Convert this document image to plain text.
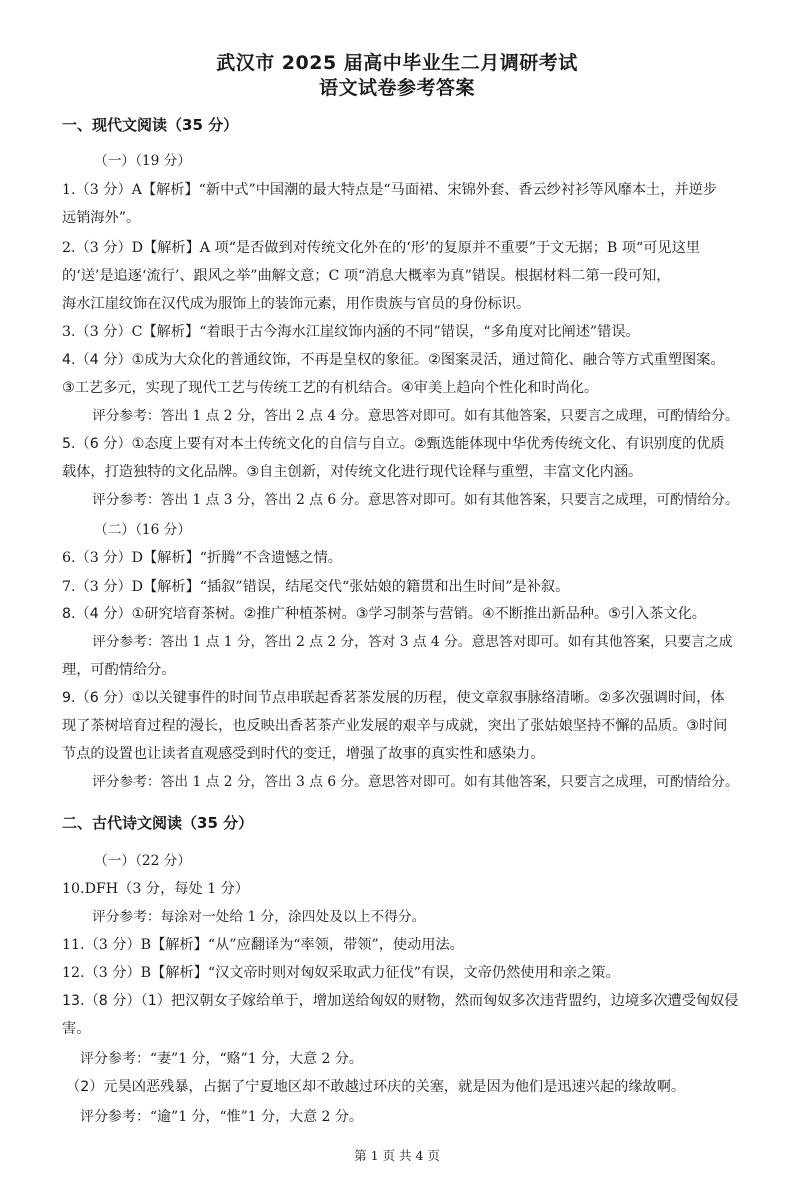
武汉市 2025 届高中毕业生二月调研考试
语文试卷参考答案
一、现代文阅读（35 分）
（一）（19 分）
1.（3 分）A【解析】“新中式”中国潮的最大特点是“马面裙、宋锦外套、香云纱衬衫等风靡本土，并逆步
远销海外”。
2.（3 分）D【解析】A 项“是否做到对传统文化外在的‘形’的复原并不重要”于文无据；B 项“可见这里
的‘送’是追逐‘流行’、跟风之举”曲解文意；C 项“消息大概率为真”错误。根据材料二第一段可知，
海水江崖纹饰在汉代成为服饰上的装饰元素，用作贵族与官员的身份标识。
3.（3 分）C【解析】“着眼于古今海水江崖纹饰内涵的不同”错误，“多角度对比阐述”错误。
4.（4 分）①成为大众化的普通纹饰，不再是皇权的象征。②图案灵活，通过简化、融合等方式重塑图案。
③工艺多元，实现了现代工艺与传统工艺的有机结合。④审美上趋向个性化和时尚化。
评分参考：答出 1 点 2 分，答出 2 点 4 分。意思答对即可。如有其他答案，只要言之成理，可酌情给分。
5.（6 分）①态度上要有对本土传统文化的自信与自立。②甄选能体现中华优秀传统文化、有识别度的优质
载体，打造独特的文化品牌。③自主创新，对传统文化进行现代诠释与重塑，丰富文化内涵。
评分参考：答出 1 点 3 分，答出 2 点 6 分。意思答对即可。如有其他答案，只要言之成理，可酌情给分。
（二）（16 分）
6.（3 分）D【解析】“折腾”不含遗憾之情。
7.（3 分）D【解析】“插叙”错误，结尾交代“张姑娘的籍贯和出生时间”是补叙。
8.（4 分）①研究培育茶树。②推广种植茶树。③学习制茶与营销。④不断推出新品种。⑤引入茶文化。
评分参考：答出 1 点 1 分，答出 2 点 2 分，答对 3 点 4 分。意思答对即可。如有其他答案，只要言之成
理，可酌情给分。
9.（6 分）①以关键事件的时间节点串联起香茗茶发展的历程，使文章叙事脉络清晰。②多次强调时间，体
现了茶树培育过程的漫长，也反映出香茗茶产业发展的艰辛与成就，突出了张姑娘坚持不懈的品质。③时间
节点的设置也让读者直观感受到时代的变迁，增强了故事的真实性和感染力。
评分参考：答出 1 点 2 分，答出 3 点 6 分。意思答对即可。如有其他答案，只要言之成理，可酌情给分。
二、古代诗文阅读（35 分）
（一）（22 分）
10.DFH（3 分，每处 1 分）
评分参考：每涂对一处给 1 分，涂四处及以上不得分。
11.（3 分）B【解析】“从”应翻译为“率领，带领”，使动用法。
12.（3 分）B【解析】“汉文帝时则对匈奴采取武力征伐”有误，文帝仍然使用和亲之策。
13.（8 分）（1）把汉朝女子嫁给单于，增加送给匈奴的财物，然而匈奴多次违背盟约，边境多次遭受匈奴侵
害。
评分参考：“妻”1 分，“赂”1 分，大意 2 分。
（2）元昊凶恶残暴，占据了宁夏地区却不敢越过环庆的关塞，就是因为他们是迅速兴起的缘故啊。
评分参考：“逾”1 分，“惟”1 分，大意 2 分。
第 1 页 共 4 页
